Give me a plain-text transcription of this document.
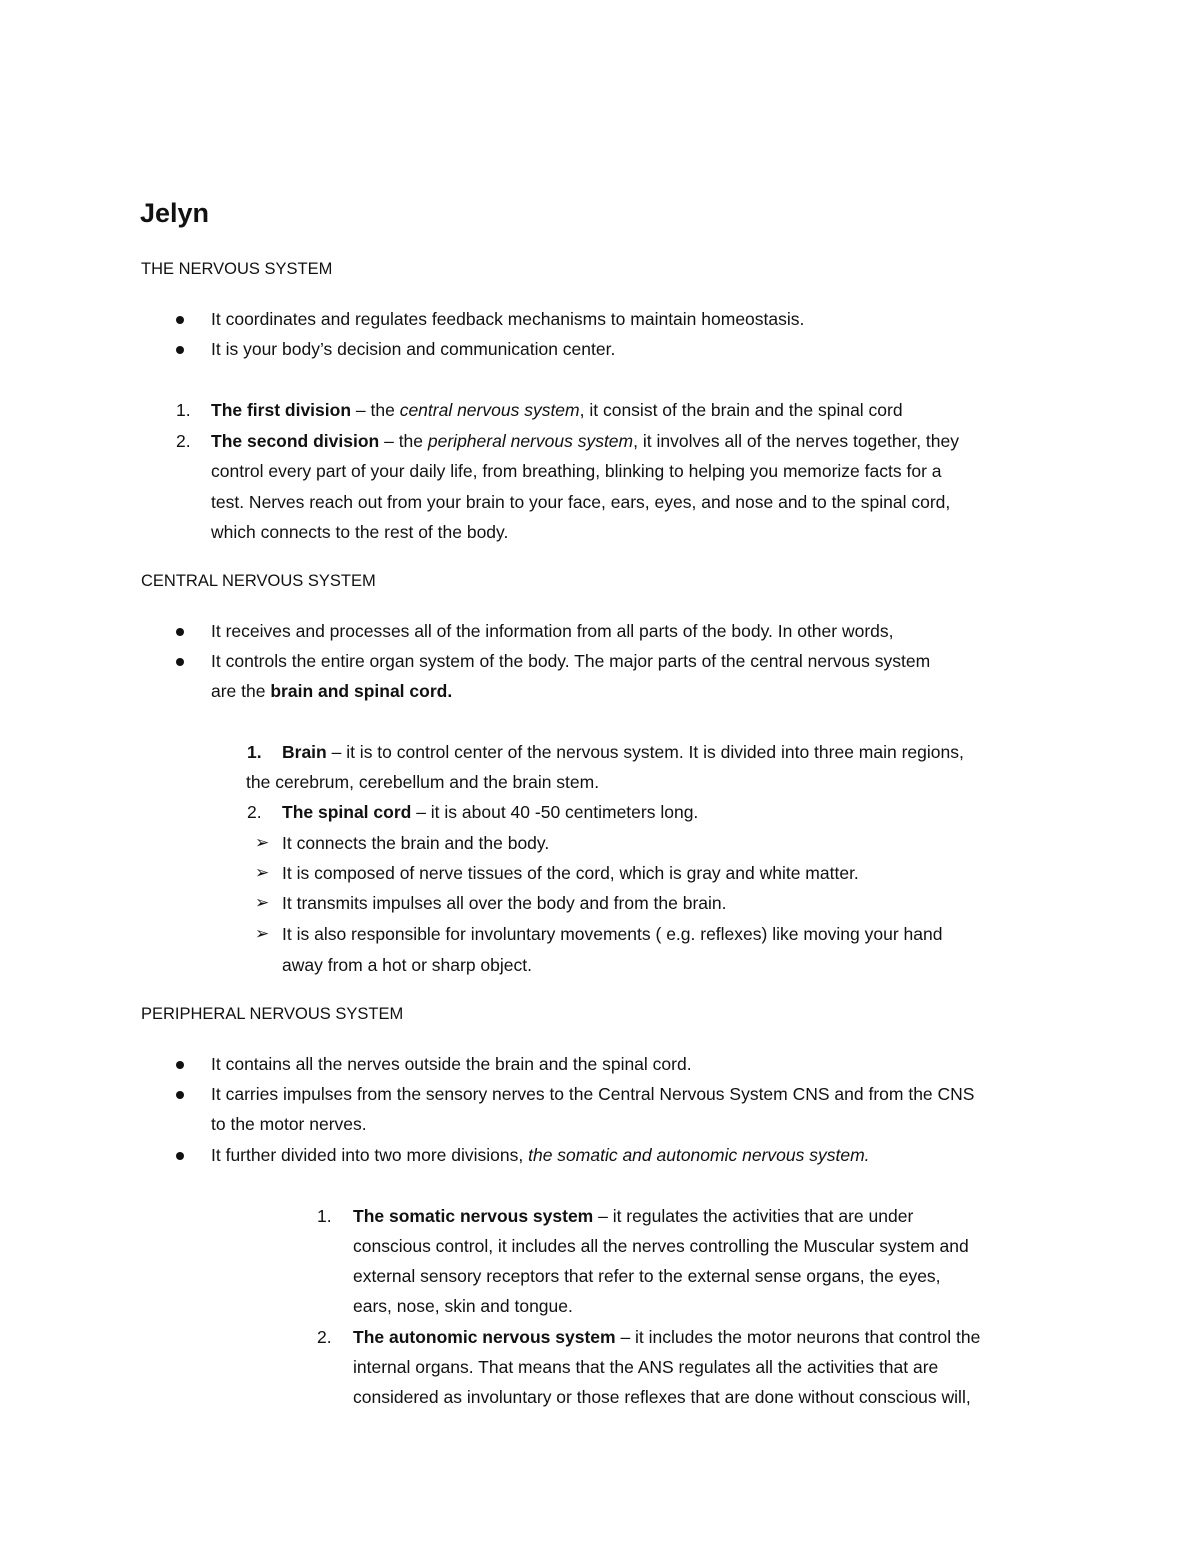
Jelyn
THE NERVOUS SYSTEM
It coordinates and regulates feedback mechanisms to maintain homeostasis.
It is your body’s decision and communication center.
1. The first division – the central nervous system, it consist of the brain and the spinal cord
2. The second division – the peripheral nervous system, it involves all of the nerves together, they
control every part of your daily life, from breathing, blinking to helping you memorize facts for a
test. Nerves reach out from your brain to your face, ears, eyes, and nose and to the spinal cord,
which connects to the rest of the body.
CENTRAL NERVOUS SYSTEM
It receives and processes all of the information from all parts of the body. In other words,
It controls the entire organ system of the body. The major parts of the central nervous system
are the brain and spinal cord.
1. Brain – it is to control center of the nervous system. It is divided into three main regions,
the cerebrum, cerebellum and the brain stem.
2. The spinal cord – it is about 40 -50 centimeters long.
➢ It connects the brain and the body.
➢ It is composed of nerve tissues of the cord, which is gray and white matter.
➢ It transmits impulses all over the body and from the brain.
➢ It is also responsible for involuntary movements ( e.g. reflexes) like moving your hand
away from a hot or sharp object.
PERIPHERAL NERVOUS SYSTEM
It contains all the nerves outside the brain and the spinal cord.
It carries impulses from the sensory nerves to the Central Nervous System CNS and from the CNS
to the motor nerves.
It further divided into two more divisions, the somatic and autonomic nervous system.
1. The somatic nervous system – it regulates the activities that are under
conscious control, it includes all the nerves controlling the Muscular system and
external sensory receptors that refer to the external sense organs, the eyes,
ears, nose, skin and tongue.
2. The autonomic nervous system – it includes the motor neurons that control the
internal organs. That means that the ANS regulates all the activities that are
considered as involuntary or those reflexes that are done without conscious will,
